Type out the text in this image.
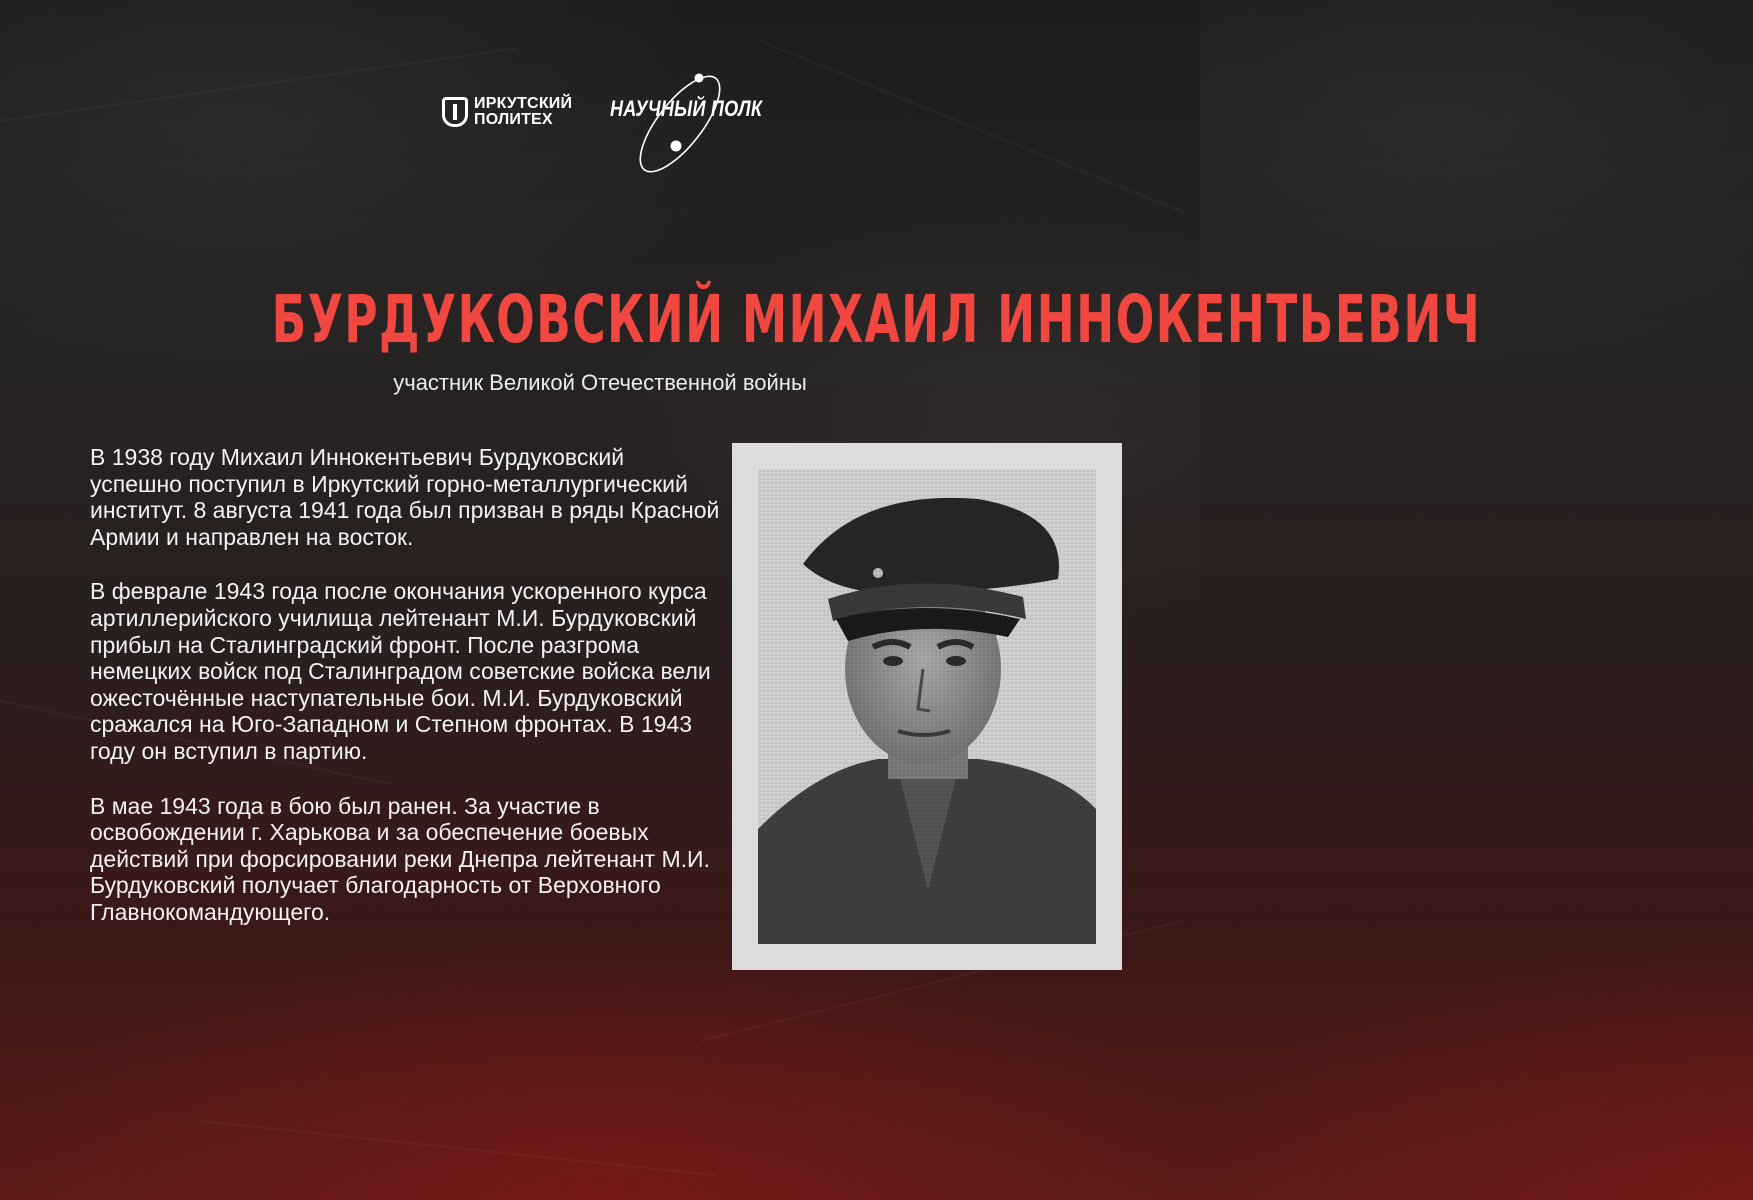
ИРКУТСКИЙ
ПОЛИТЕХ	НАУЧНЫЙ ПОЛК
БУРДУКОВСКИЙ МИХАИЛ ИННОКЕНТЬЕВИЧ
участник Великой Отечественной войны

В 1938 году Михаил Иннокентьевич Бурдуковский успешно поступил в Иркутский горно-металлургический институт. 8 августа 1941 года был призван в ряды Красной Армии и направлен на восток.

В феврале 1943 года после окончания ускоренного курса артиллерийского училища лейтенант М.И. Бурдуковский прибыл на Сталинградский фронт. После разгрома немецких войск под Сталинградом советские войска вели ожесточённые наступательные бои. М.И. Бурдуковский сражался на Юго-Западном и Степном фронтах. В 1943 году он вступил в партию.

В мае 1943 года в бою был ранен. За участие в освобождении г. Харькова и за обеспечение боевых действий при форсировании реки Днепра лейтенант М.И. Бурдуковский получает благодарность от Верховного Главнокомандующего.
